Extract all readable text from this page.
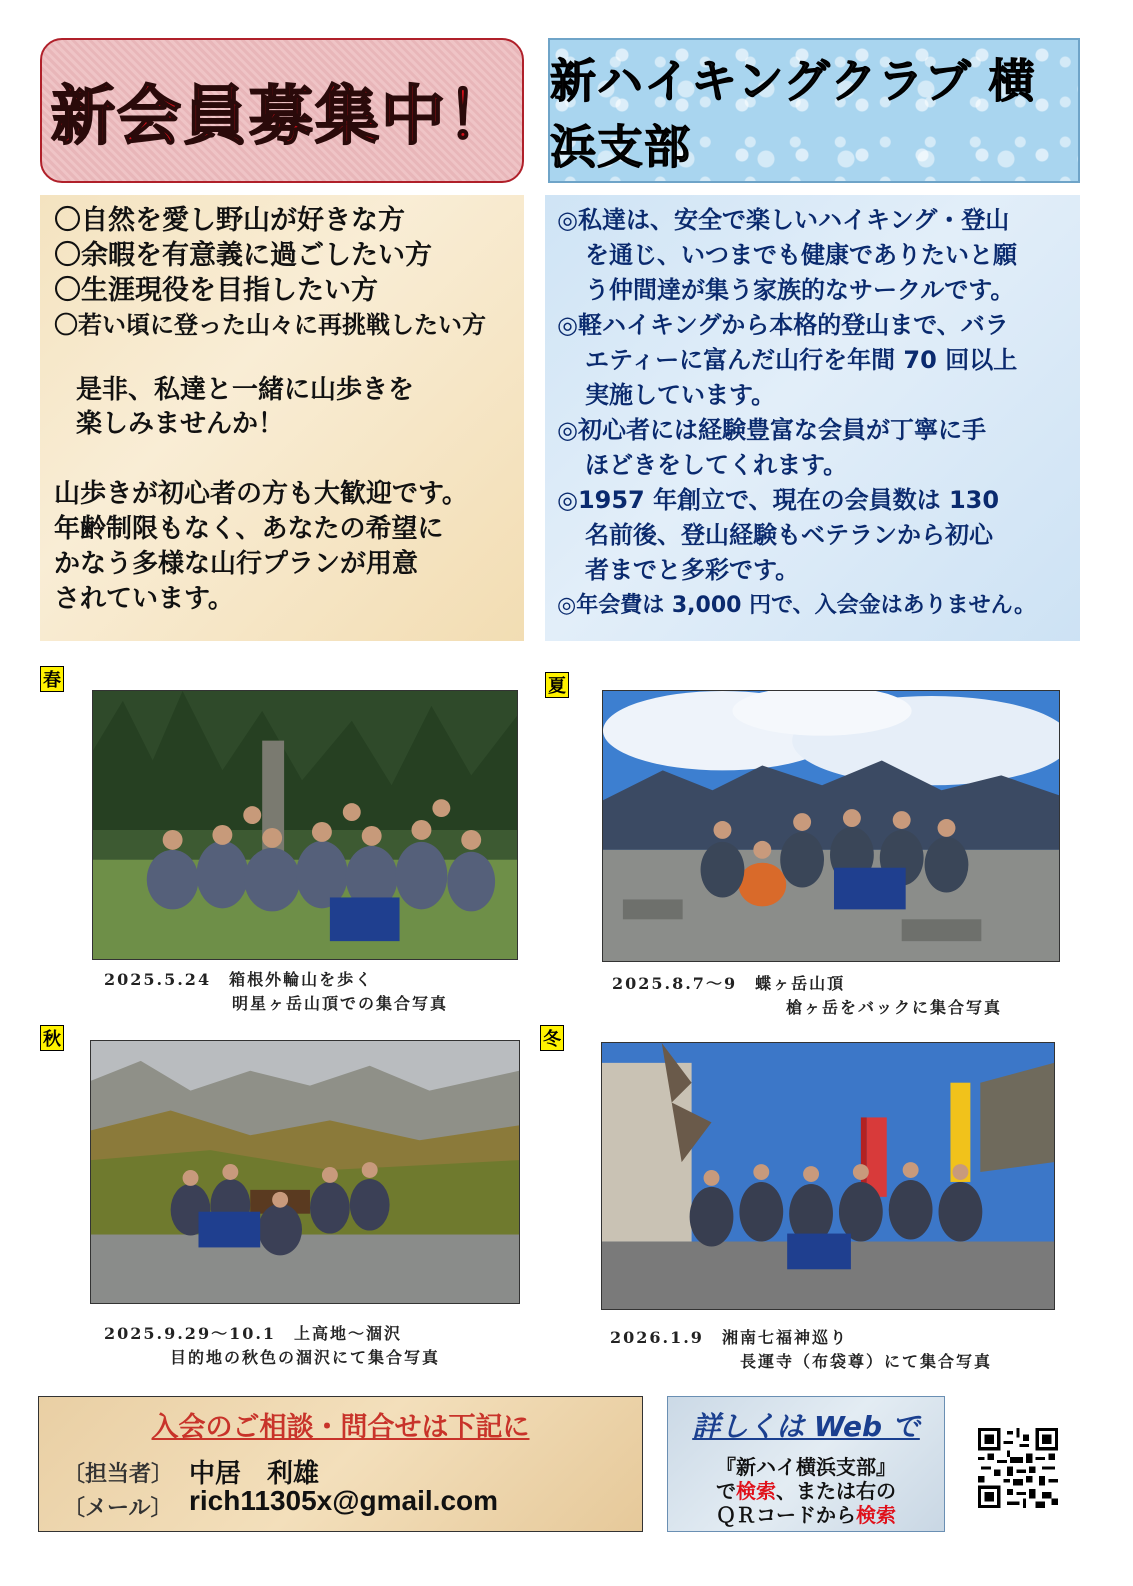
新会員募集中！ 新ハイキングクラブ 横浜支部
〇自然を愛し野山が好きな方
〇余暇を有意義に過ごしたい方
〇生涯現役を目指したい方
〇若い頃に登った山々に再挑戦したい方
是非、私達と一緒に山歩きを
楽しみませんか！
山歩きが初心者の方も大歓迎です。
年齢制限もなく、あなたの希望に
かなう多様な山行プランが用意
されています。
◎私達は、安全で楽しいハイキング・登山
を通じ、いつまでも健康でありたいと願
う仲間達が集う家族的なサークルです。
◎軽ハイキングから本格的登山まで、バラ
エティーに富んだ山行を年間 70 回以上
実施しています。
◎初心者には経験豊富な会員が丁寧に手
ほどきをしてくれます。
◎1957 年創立で、現在の会員数は 130
名前後、登山経験もベテランから初心
者までと多彩です。
◎年会費は 3,000 円で、入会金はありません。
春
2025.5.24　箱根外輪山を歩く
明星ヶ岳山頂での集合写真
夏
2025.8.7～9　蝶ヶ岳山頂
槍ヶ岳をバックに集合写真
秋
2025.9.29～10.1　上高地～涸沢
目的地の秋色の涸沢にて集合写真
冬
2026.1.9　湘南七福神巡り
長運寺（布袋尊）にて集合写真
入会のご相談・問合せは下記に
〔担当者〕 中居　利雄
〔メール〕 rich11305x@gmail.com
詳しくは Web で
『新ハイ横浜支部』
で検索、または右の
ＱＲコードから検索
